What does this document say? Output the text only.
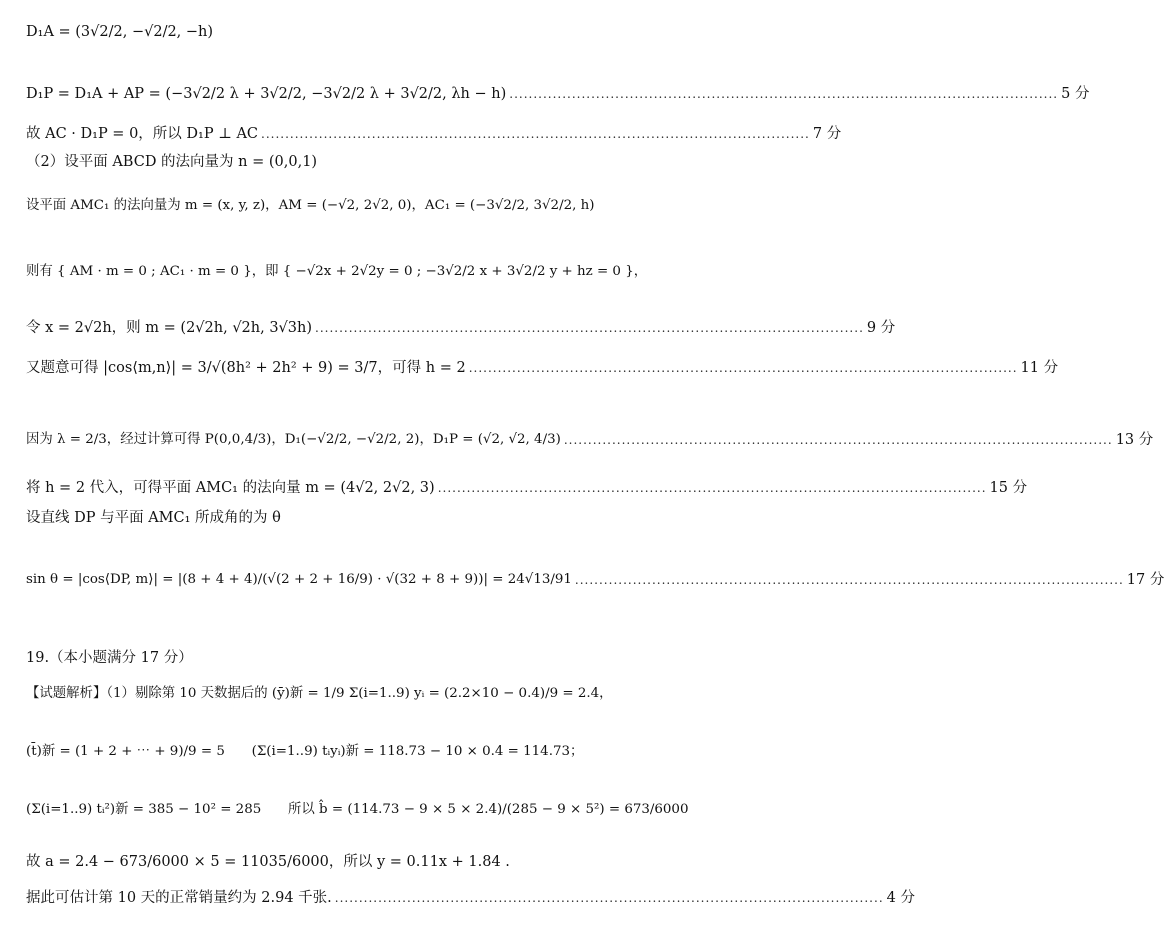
D₁A = (3√2/2, −√2/2, −h)
D₁P = D₁A + AP = (−3√2/2 λ + 3√2/2, −3√2/2 λ + 3√2/2, λh − h) .................................................................................................................. 5 分
故 AC · D₁P = 0，所以 D₁P ⊥ AC .................................................................................................................. 7 分
（2）设平面 ABCD 的法向量为 n = (0,0,1)
设平面 AMC₁ 的法向量为 m = (x, y, z)，AM = (−√2, 2√2, 0)，AC₁ = (−3√2/2, 3√2/2, h)
则有 { AM · m = 0 ; AC₁ · m = 0 }，即 { −√2x + 2√2y = 0 ; −3√2/2 x + 3√2/2 y + hz = 0 }，
令 x = 2√2h，则 m = (2√2h, √2h, 3√3h) .................................................................................................................. 9 分
又题意可得 |cos⟨m,n⟩| = 3/√(8h² + 2h² + 9) = 3/7，可得 h = 2 .................................................................................................................. 11 分
因为 λ = 2/3，经过计算可得 P(0,0,4/3)，D₁(−√2/2, −√2/2, 2)，D₁P = (√2, √2, 4/3) .................................................................................................................. 13 分
将 h = 2 代入，可得平面 AMC₁ 的法向量 m = (4√2, 2√2, 3) .................................................................................................................. 15 分
设直线 DP 与平面 AMC₁ 所成角的为 θ
sin θ = |cos⟨DP, m⟩| = |(8 + 4 + 4)/(√(2 + 2 + 16/9) · √(32 + 8 + 9))| = 24√13/91 .................................................................................................................. 17 分
19.（本小题满分 17 分）
【试题解析】（1）剔除第 10 天数据后的 (ȳ)新 = 1/9 Σ(i=1..9) yᵢ = (2.2×10 − 0.4)/9 = 2.4，
(t̄)新 = (1 + 2 + ⋯ + 9)/9 = 5　　(Σ(i=1..9) tᵢyᵢ)新 = 118.73 − 10 × 0.4 = 114.73；
(Σ(i=1..9) tᵢ²)新 = 385 − 10² = 285　　所以 b̂ = (114.73 − 9 × 5 × 2.4)/(285 − 9 × 5²) = 673/6000
故 a = 2.4 − 673/6000 × 5 = 11035/6000，所以 y = 0.11x + 1.84 .
据此可估计第 10 天的正常销量约为 2.94 千张. .................................................................................................................. 4 分
